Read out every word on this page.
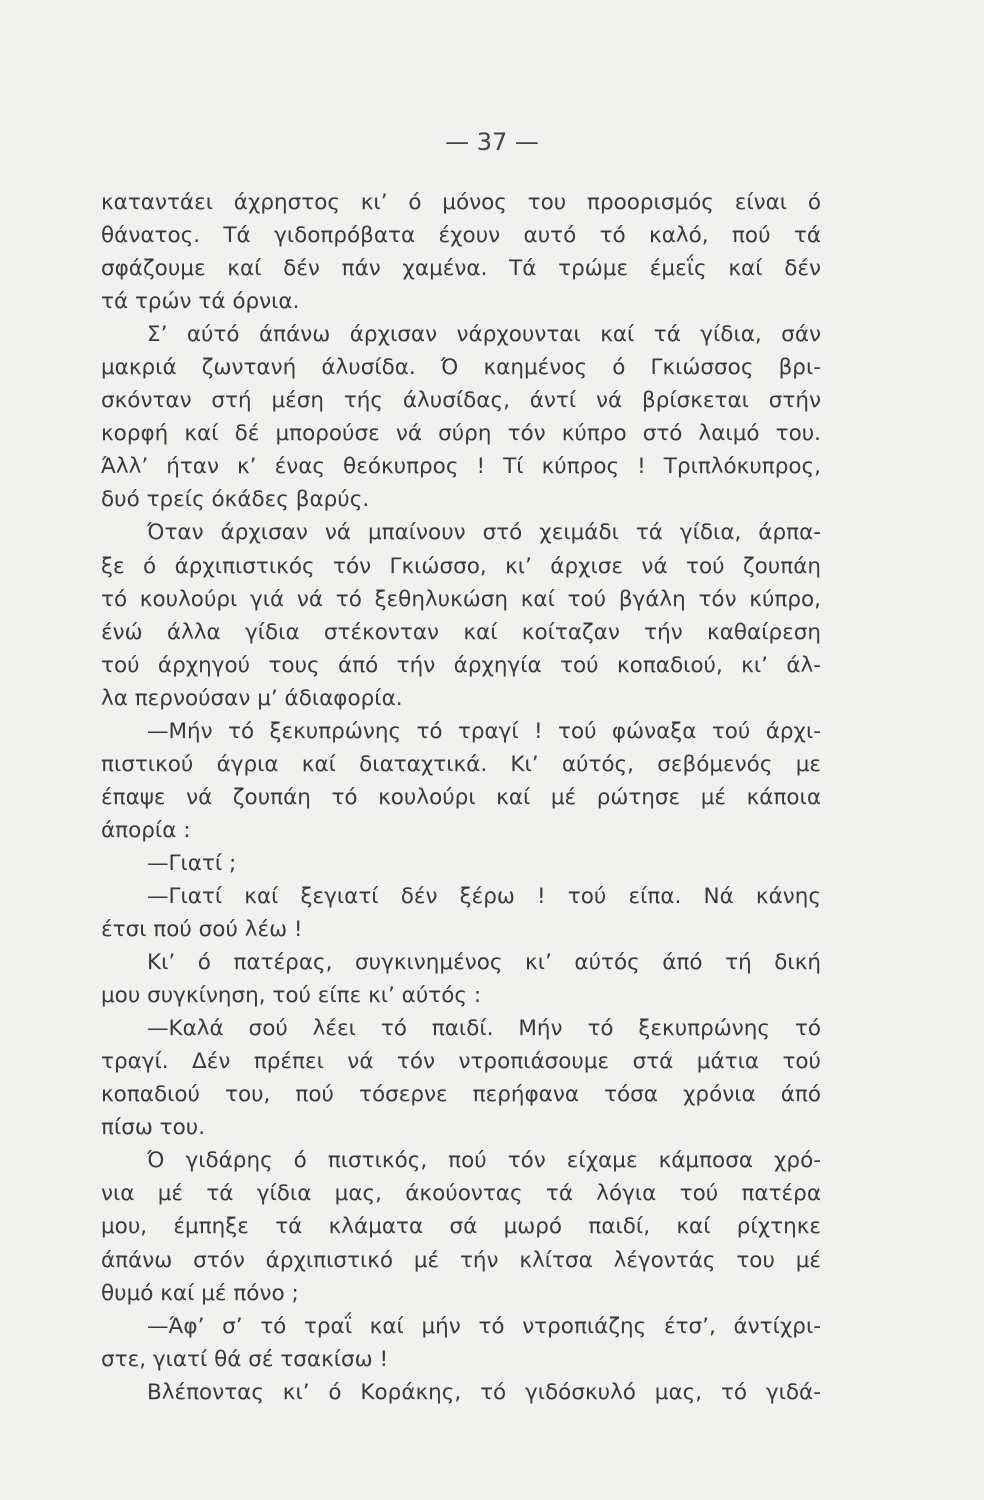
— 37 —
καταντάει άχρηστος κι’ ό μόνος του προορισμός είναι ό
θάνατος. Τά γιδοπρόβατα έχουν αυτό τό καλό, πού τά
σφάζουμε καί δέν πάν χαμένα. Τά τρώμε έμεΐς καί δέν
τά τρών τά όρνια.
Σ’ αύτό άπάνω άρχισαν νάρχουνται καί τά γίδια, σάν
μακριά ζωντανή άλυσίδα. Ό καημένος ό Γκιώσσος βρι-
σκόνταν στή μέση τής άλυσίδας, άντί νά βρίσκεται στήν
κορφή καί δέ μπορούσε νά σύρη τόν κύπρο στό λαιμό του.
Άλλ’ ήταν κ’ ένας θεόκυπρος ! Τί κύπρος ! Τριπλόκυπρος,
δυό τρείς όκάδες βαρύς.
Όταν άρχισαν νά μπαίνουν στό χειμάδι τά γίδια, άρπα-
ξε ό άρχιπιστικός τόν Γκιώσσο, κι’ άρχισε νά τού ζουπάη
τό κουλούρι γιά νά τό ξεθηλυκώση καί τού βγάλη τόν κύπρο,
ένώ άλλα γίδια στέκονταν καί κοίταζαν τήν καθαίρεση
τού άρχηγού τους άπό τήν άρχηγία τού κοπαδιού, κι’ άλ-
λα περνούσαν μ’ άδιαφορία.
—Μήν τό ξεκυπρώνης τό τραγί ! τού φώναξα τού άρχι-
πιστικού άγρια καί διαταχτικά. Κι’ αύτός, σεβόμενός με
έπαψε νά ζουπάη τό κουλούρι καί μέ ρώτησε μέ κάποια
άπορία :
—Γιατί ;
—Γιατί καί ξεγιατί δέν ξέρω ! τού είπα. Νά κάνης
έτσι πού σού λέω !
Κι’ ό πατέρας, συγκινημένος κι’ αύτός άπό τή δική
μου συγκίνηση, τού είπε κι’ αύτός :
—Καλά σού λέει τό παιδί. Μήν τό ξεκυπρώνης τό
τραγί. Δέν πρέπει νά τόν ντροπιάσουμε στά μάτια τού
κοπαδιού του, πού τόσερνε περήφανα τόσα χρόνια άπό
πίσω του.
Ό γιδάρης ό πιστικός, πού τόν είχαμε κάμποσα χρό-
νια μέ τά γίδια μας, άκούοντας τά λόγια τού πατέρα
μου, έμπηξε τά κλάματα σά μωρό παιδί, καί ρίχτηκε
άπάνω στόν άρχιπιστικό μέ τήν κλίτσα λέγοντάς του μέ
θυμό καί μέ πόνο ;
—Άφ’ σ’ τό τραΐ καί μήν τό ντροπιάζης έτσ’, άντίχρι-
στε, γιατί θά σέ τσακίσω !
Βλέποντας κι’ ό Κοράκης, τό γιδόσκυλό μας, τό γιδά-
